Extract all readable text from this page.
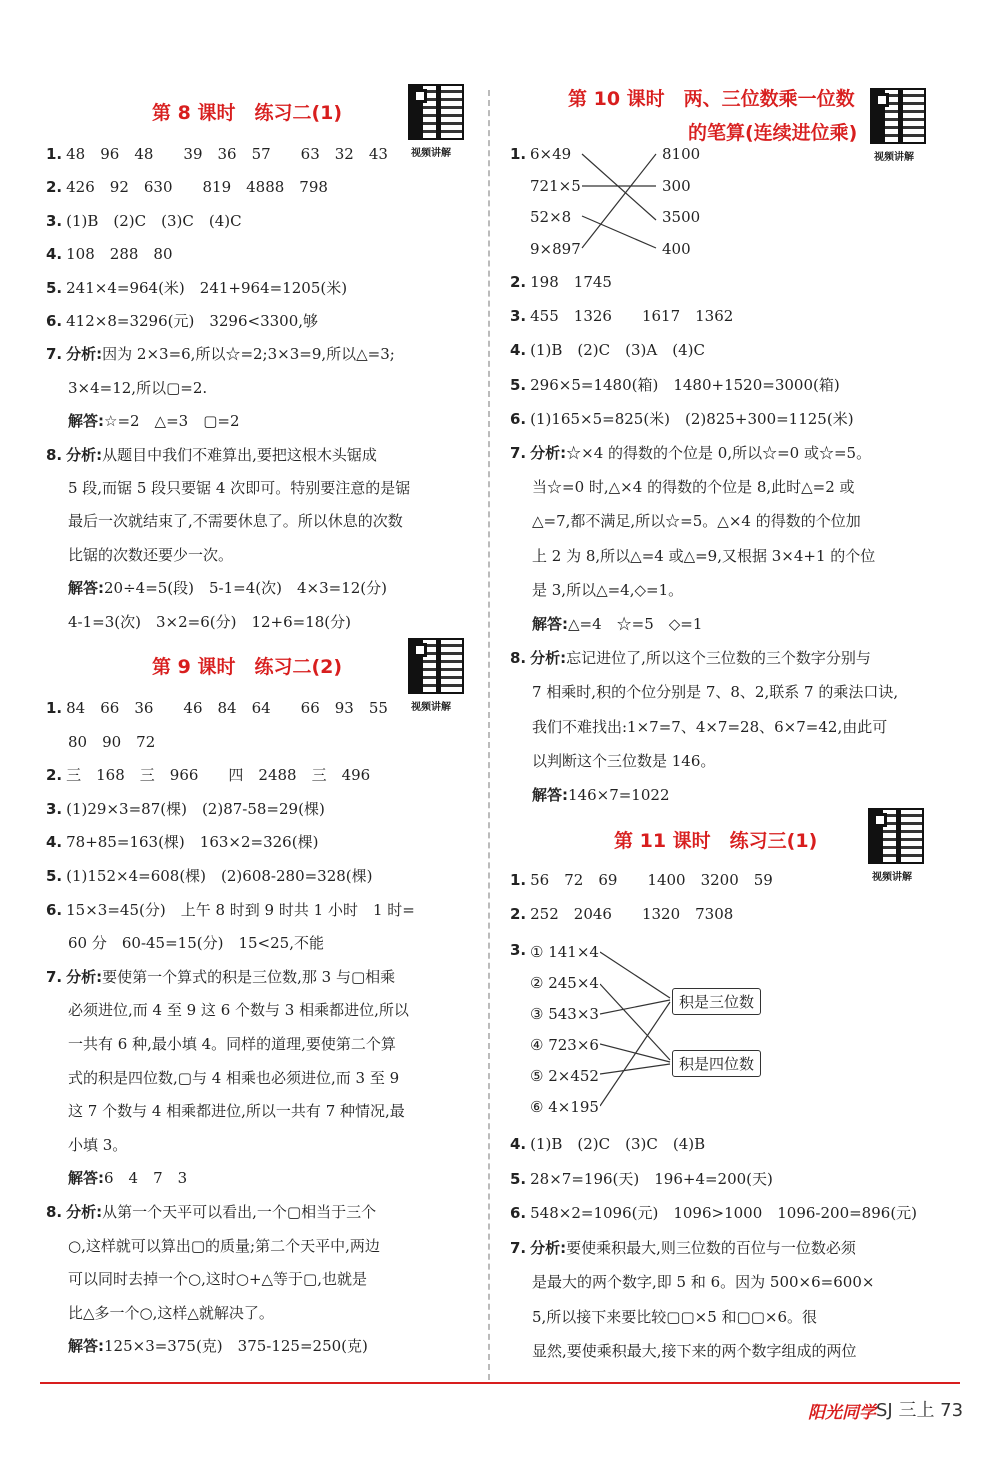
第 8 课时　练习二(1)
视频讲解
1. 48　96　48　　39　36　57　　63　32　43
2. 426　92　630　　819　4888　798
3. (1)B　(2)C　(3)C　(4)C
4. 108　288　80
5. 241×4=964(米)　241+964=1205(米)
6. 412×8=3296(元)　3296<3300,够
7. 分析:因为 2×3=6,所以☆=2;3×3=9,所以△=3;
3×4=12,所以▢=2.
解答:☆=2　△=3　▢=2
8. 分析:从题目中我们不难算出,要把这根木头锯成
5 段,而锯 5 段只要锯 4 次即可。特别要注意的是锯
最后一次就结束了,不需要休息了。所以休息的次数
比锯的次数还要少一次。
解答:20÷4=5(段)　5-1=4(次)　4×3=12(分)
4-1=3(次)　3×2=6(分)　12+6=18(分)
第 9 课时　练习二(2)
视频讲解
1. 84　66　36　　46　84　64　　66　93　55
80　90　72
2. 三　168　三　966　　四　2488　三　496
3. (1)29×3=87(棵)　(2)87-58=29(棵)
4. 78+85=163(棵)　163×2=326(棵)
5. (1)152×4=608(棵)　(2)608-280=328(棵)
6. 15×3=45(分)　上午 8 时到 9 时共 1 小时　1 时=
60 分　60-45=15(分)　15<25,不能
7. 分析:要使第一个算式的积是三位数,那 3 与▢相乘
必须进位,而 4 至 9 这 6 个数与 3 相乘都进位,所以
一共有 6 种,最小填 4。同样的道理,要使第二个算
式的积是四位数,▢与 4 相乘也必须进位,而 3 至 9
这 7 个数与 4 相乘都进位,所以一共有 7 种情况,最
小填 3。
解答:6　4　7　3
8. 分析:从第一个天平可以看出,一个▢相当于三个
○,这样就可以算出▢的质量;第二个天平中,两边
可以同时去掉一个○,这时○+△等于▢,也就是
比△多一个○,这样△就解决了。
解答:125×3=375(克)　375-125=250(克)
第 10 课时　两、三位数乘一位数
的笔算(连续进位乘)
视频讲解
1. 6×49
721×5
52×8
9×897
8100
300
3500
400
2. 198　1745
3. 455　1326　　1617　1362
4. (1)B　(2)C　(3)A　(4)C
5. 296×5=1480(箱)　1480+1520=3000(箱)
6. (1)165×5=825(米)　(2)825+300=1125(米)
7. 分析:☆×4 的得数的个位是 0,所以☆=0 或☆=5。
当☆=0 时,△×4 的得数的个位是 8,此时△=2 或
△=7,都不满足,所以☆=5。△×4 的得数的个位加
上 2 为 8,所以△=4 或△=9,又根据 3×4+1 的个位
是 3,所以△=4,◇=1。
解答:△=4　☆=5　◇=1
8. 分析:忘记进位了,所以这个三位数的三个数字分别与
7 相乘时,积的个位分别是 7、8、2,联系 7 的乘法口诀,
我们不难找出:1×7=7、4×7=28、6×7=42,由此可
以判断这个三位数是 146。
解答:146×7=1022
第 11 课时　练习三(1)
视频讲解
1. 56　72　69　　1400　3200　59
2. 252　2046　　1320　7308
3. ① 141×4
② 245×4
③ 543×3
④ 723×6
⑤ 2×452
⑥ 4×195
积是三位数
积是四位数
4. (1)B　(2)C　(3)C　(4)B
5. 28×7=196(天)　196+4=200(天)
6. 548×2=1096(元)　1096>1000　1096-200=896(元)
7. 分析:要使乘积最大,则三位数的百位与一位数必须
是最大的两个数字,即 5 和 6。因为 500×6=600×
5,所以接下来要比较▢▢×5 和▢▢×6。很
显然,要使乘积最大,接下来的两个数字组成的两位
阳光同学 SJ 三上 73
